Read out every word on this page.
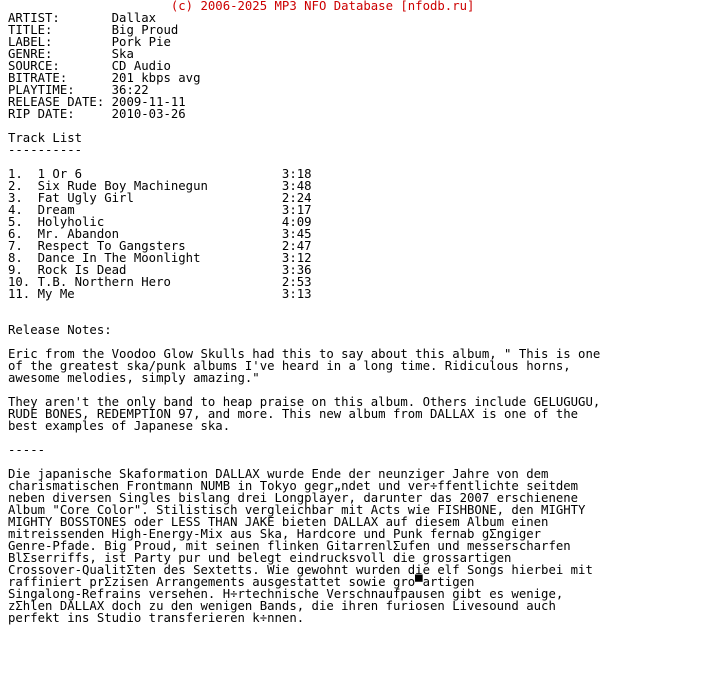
(c) 2006-2025 MP3 NFO Database [nfodb.ru]
ARTIST:       Dallax
TITLE:        Big Proud
LABEL:        Pork Pie
GENRE:        Ska
SOURCE:       CD Audio
BITRATE:      201 kbps avg
PLAYTIME:     36:22
RELEASE DATE: 2009-11-11
RIP DATE:     2010-03-26

Track List
----------

1.  1 Or 6                           3:18
2.  Six Rude Boy Machinegun          3:48
3.  Fat Ugly Girl                    2:24
4.  Dream                            3:17
5.  Holyholic                        4:09
6.  Mr. Abandon                      3:45
7.  Respect To Gangsters             2:47
8.  Dance In The Moonlight           3:12
9.  Rock Is Dead                     3:36
10. T.B. Northern Hero               2:53
11. My Me                            3:13

Release Notes:

Eric from the Voodoo Glow Skulls had this to say about this album, " This is one
of the greatest ska/punk albums I've heard in a long time. Ridiculous horns,
awesome melodies, simply amazing."

They aren't the only band to heap praise on this album. Others include GELUGUGU,
RUDE BONES, REDEMPTION 97, and more. This new album from DALLAX is one of the
best examples of Japanese ska.

-----

Die japanische Skaformation DALLAX wurde Ende der neunziger Jahre von dem
charismatischen Frontmann NUMB in Tokyo gegr„ndet und ver÷ffentlichte seitdem
neben diversen Singles bislang drei Longplayer, darunter das 2007 erschienene
Album "Core Color". Stilistisch vergleichbar mit Acts wie FISHBONE, den MIGHTY
MIGHTY BOSSTONES oder LESS THAN JAKE bieten DALLAX auf diesem Album einen
mitreissenden High-Energy-Mix aus Ska, Hardcore und Punk fernab gΣngiger
Genre-Pfade. Big Proud, mit seinen flinken GitarrenlΣufen und messerscharfen
BlΣserriffs, ist Party pur und belegt eindrucksvoll die grossartigen
Crossover-QualitΣten des Sextetts. Wie gewohnt wurden die elf Songs hierbei mit
raffiniert prΣzisen Arrangements ausgestattet sowie gro▀artigen
Singalong-Refrains versehen. H÷rtechnische Verschnaufpausen gibt es wenige,
zΣhlen DALLAX doch zu den wenigen Bands, die ihren furiosen Livesound auch
perfekt ins Studio transferieren k÷nnen.
